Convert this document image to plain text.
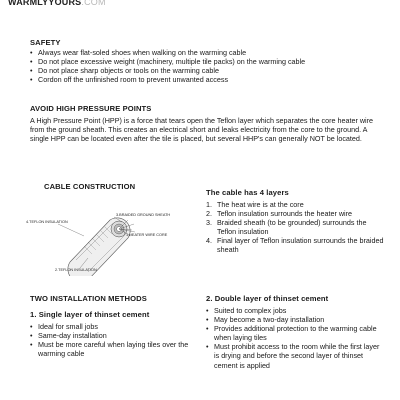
WARMLYYOURS.COM
SAFETY
• Always wear flat-soled shoes when walking on the warming cable
• Do not place excessive weight (machinery, multiple tile packs) on the warming cable
• Do not place sharp objects or tools on the warming cable
• Cordon off the unfinished room to prevent unwanted access
AVOID HIGH PRESSURE POINTS

A High Pressure Point (HPP) is a force that tears open the Teflon layer which separates the core heater wire from the ground sheath. This creates an electrical short and leaks electricity from the core to the ground. A single HPP can be located even after the tile is placed, but several HHP's can generally NOT be located.

CABLE CONSTRUCTION
4.TEFLON INSULATION
3.BRAIDED GROUND SHEATH
1.HEATER WIRE CORE
2.TEFLON INSULATION
The cable has 4 layers
1. The heat wire is at the core
2. Teflon insulation surrounds the heater wire
3. Braided sheath (to be grounded) surrounds the Teflon insulation
4. Final layer of Teflon insulation surrounds the braided sheath
TWO INSTALLATION METHODS
1. Single layer of thinset cement
• Ideal for small jobs
• Same-day installation
• Must be more careful when laying tiles over the warming cable
2. Double layer of thinset cement
• Suited to complex jobs
• May become a two-day installation
• Provides additional protection to the warming cable when laying tiles
• Must prohibit access to the room while the first layer is drying and before the second layer of thinset cement is applied
